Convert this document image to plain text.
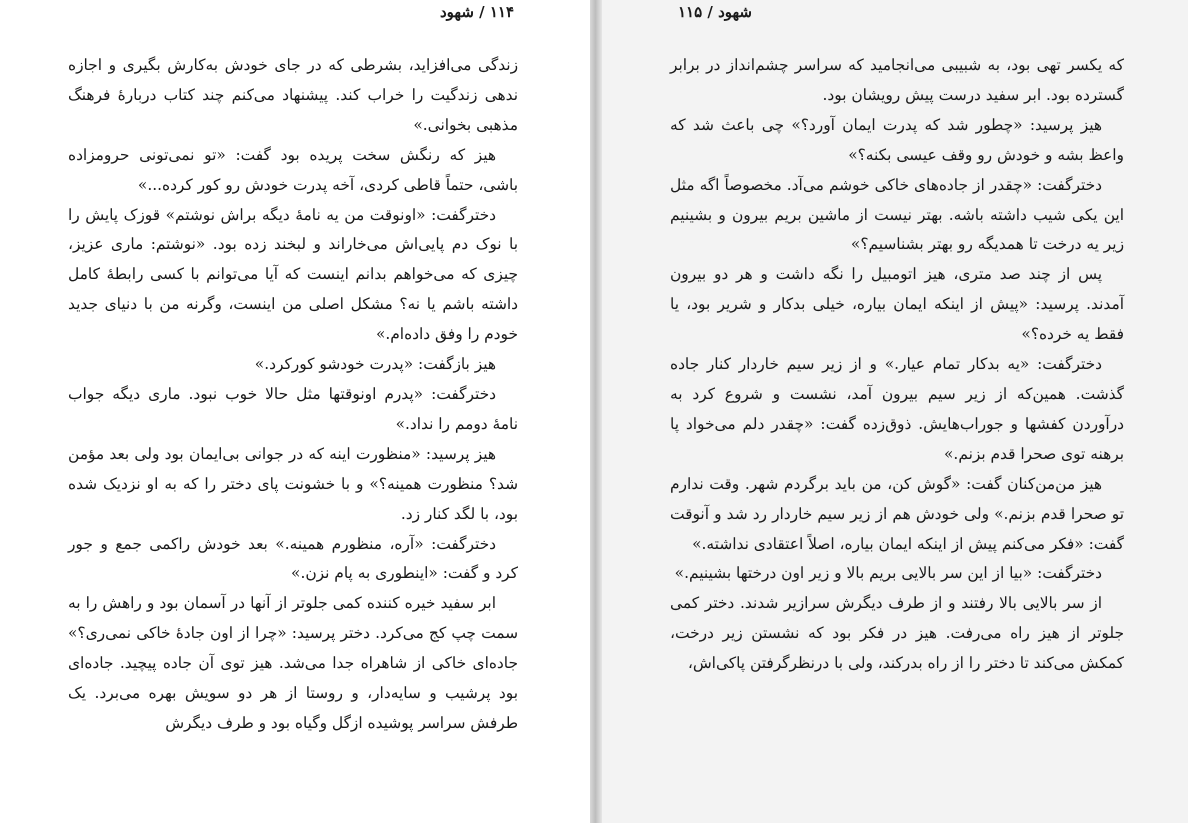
۱۱۴ / شهود

زندگی می‌افزاید، بشرطی که در جای خودش به‌کارش بگیری و اجازه ندهی زندگیت را خراب کند. پیشنهاد می‌کنم چند کتاب دربارهٔ فرهنگ مذهبی بخوانی.»

هیز که رنگش سخت پریده بود گفت: «تو نمی‌تونی حرومزاده باشی، حتماً قاطی کردی، آخه پدرت خودش رو کور کرده...»

دخترگفت: «اونوقت من یه نامهٔ دیگه براش نوشتم» قوزک پایش را با نوک دم پایی‌اش می‌خاراند و لبخند زده بود. «نوشتم: ماری عزیز، چیزی که می‌خواهم بدانم اینست که آیا می‌توانم با کسی رابطهٔ کامل داشته باشم یا نه؟ مشکل اصلی من اینست، وگرنه من با دنیای جدید خودم را وفق داده‌ام.»

هیز بازگفت: «پدرت خودشو کورکرد.»

دخترگفت: «پدرم اونوقتها مثل حالا خوب نبود. ماری دیگه جواب نامهٔ دومم را نداد.»

هیز پرسید: «منظورت اینه که در جوانی بی‌ایمان بود ولی بعد مؤمن شد؟ منظورت همینه؟» و با خشونت پای دختر را که به او نزدیک شده بود، با لگد کنار زد.

دخترگفت: «آره، منظورم همینه.» بعد خودش راکمی جمع و جور کرد و گفت: «اینطوری به پام نزن.»

ابر سفید خیره کننده کمی جلوتر از آنها در آسمان بود و راهش را به سمت چپ کج می‌کرد. دختر پرسید: «چرا از اون جادهٔ خاکی نمی‌ری؟» جاده‌ای خاکی از شاهراه جدا می‌شد. هیز توی آن جاده پیچید. جاده‌ای بود پرشیب و سایه‌دار، و روستا از هر دو سویش بهره می‌برد. یک طرفش سراسر پوشیده ازگل وگیاه بود و طرف دیگرش

شهود / ۱۱۵

که یکسر تهی بود، به شبیبی می‌انجامید که سراسر چشم‌انداز در برابر گسترده بود. ابر سفید درست پیش رویشان بود.

هیز پرسید: «چطور شد که پدرت ایمان آورد؟» چی باعث شد که واعظ بشه و خودش رو وقف عیسی بکنه؟»

دخترگفت: «چقدر از جاده‌های خاکی خوشم می‌آد. مخصوصاً اگه مثل این یکی شیب داشته باشه. بهتر نیست از ماشین بریم بیرون و بشینیم زیر یه درخت تا همدیگه رو بهتر بشناسیم؟»

پس از چند صد متری، هیز اتومبیل را نگه داشت و هر دو بیرون آمدند. پرسید: «پیش از اینکه ایمان بیاره، خیلی بدکار و شریر بود، یا فقط یه خرده؟»

دخترگفت: «یه بدکار تمام عیار.» و از زیر سیم خاردار کنار جاده گذشت. همین‌که از زیر سیم بیرون آمد، نشست و شروع کرد به درآوردن کفشها و جوراب‌هایش. ذوق‌زده گفت: «چقدر دلم می‌خواد پا برهنه توی صحرا قدم بزنم.»

هیز من‌من‌کنان گفت: «گوش کن، من باید برگردم شهر. وقت ندارم تو صحرا قدم بزنم.» ولی خودش هم از زیر سیم خاردار رد شد و آنوقت گفت: «فکر می‌کنم پیش از اینکه ایمان بیاره، اصلاً اعتقادی نداشته.»

دخترگفت: «بیا از این سر بالایی بریم بالا و زیر اون درختها بشینیم.»

از سر بالایی بالا رفتند و از طرف دیگرش سرازیر شدند. دختر کمی جلوتر از هیز راه می‌رفت. هیز در فکر بود که نشستن زیر درخت، کمکش می‌کند تا دختر را از راه بدرکند، ولی با درنظرگرفتن پاکی‌اش،
